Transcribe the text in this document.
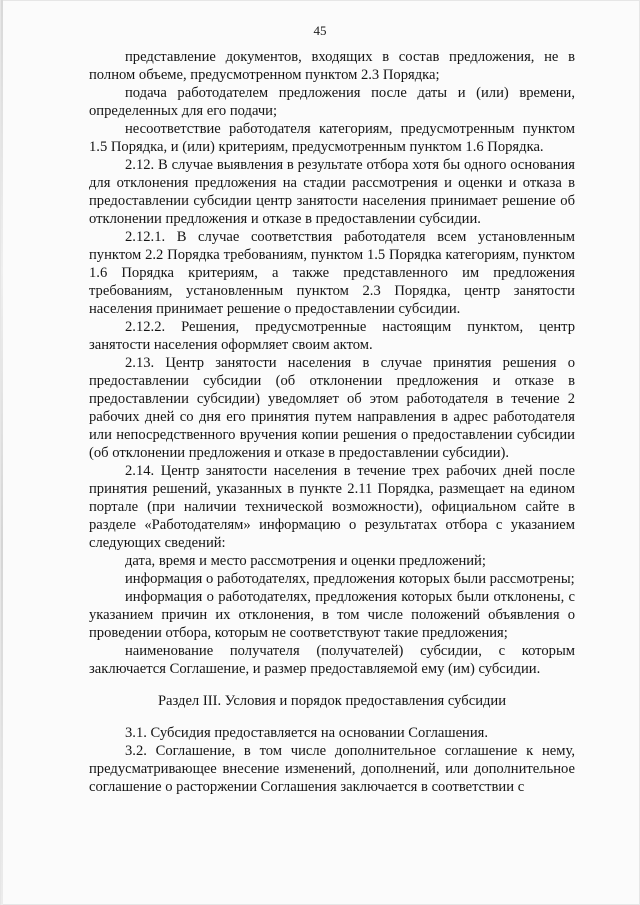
45

представление документов, входящих в состав предложения, не в полном объеме, предусмотренном пунктом 2.3 Порядка;

подача работодателем предложения после даты и (или) времени, определенных для его подачи;

несоответствие работодателя категориям, предусмотренным пунктом 1.5 Порядка, и (или) критериям, предусмотренным пунктом 1.6 Порядка.

2.12. В случае выявления в результате отбора хотя бы одного основания для отклонения предложения на стадии рассмотрения и оценки и отказа в предоставлении субсидии центр занятости населения принимает решение об отклонении предложения и отказе в предоставлении субсидии.

2.12.1. В случае соответствия работодателя всем установленным пунктом 2.2 Порядка требованиям, пунктом 1.5 Порядка категориям, пунктом 1.6 Порядка критериям, а также представленного им предложения требованиям, установленным пунктом 2.3 Порядка, центр занятости населения принимает решение о предоставлении субсидии.

2.12.2. Решения, предусмотренные настоящим пунктом, центр занятости населения оформляет своим актом.

2.13. Центр занятости населения в случае принятия решения о предоставлении субсидии (об отклонении предложения и отказе в предоставлении субсидии) уведомляет об этом работодателя в течение 2 рабочих дней со дня его принятия путем направления в адрес работодателя или непосредственного вручения копии решения о предоставлении субсидии (об отклонении предложения и отказе в предоставлении субсидии).

2.14. Центр занятости населения в течение трех рабочих дней после принятия решений, указанных в пункте 2.11 Порядка, размещает на едином портале (при наличии технической возможности), официальном сайте в разделе «Работодателям» информацию о результатах отбора с указанием следующих сведений:

дата, время и место рассмотрения и оценки предложений;

информация о работодателях, предложения которых были рассмотрены;

информация о работодателях, предложения которых были отклонены, с указанием причин их отклонения, в том числе положений объявления о проведении отбора, которым не соответствуют такие предложения;

наименование получателя (получателей) субсидии, с которым заключается Соглашение, и размер предоставляемой ему (им) субсидии.

Раздел III. Условия и порядок предоставления субсидии

3.1. Субсидия предоставляется на основании Соглашения.

3.2. Соглашение, в том числе дополнительное соглашение к нему, предусматривающее внесение изменений, дополнений, или дополнительное соглашение о расторжении Соглашения заключается в соответствии с
